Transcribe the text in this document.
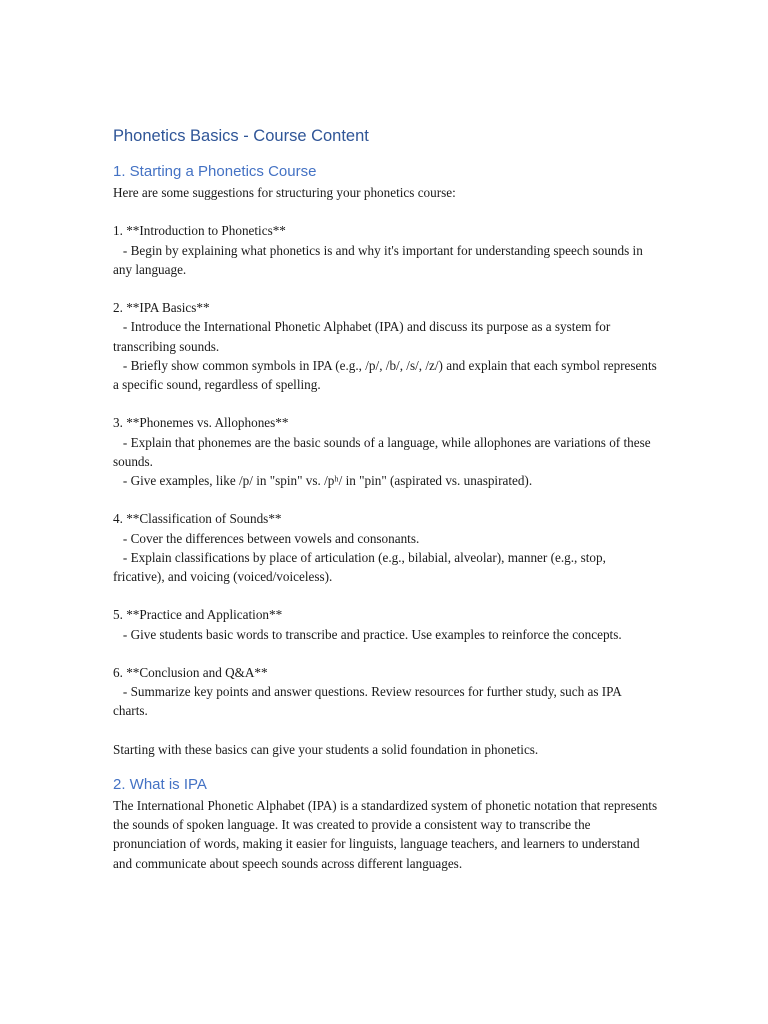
Phonetics Basics - Course Content
1. Starting a Phonetics Course

Here are some suggestions for structuring your phonetics course:

1. **Introduction to Phonetics**

- Begin by explaining what phonetics is and why it's important for understanding speech sounds in any language.

2. **IPA Basics**

- Introduce the International Phonetic Alphabet (IPA) and discuss its purpose as a system for transcribing sounds.

- Briefly show common symbols in IPA (e.g., /p/, /b/, /s/, /z/) and explain that each symbol represents a specific sound, regardless of spelling.

3. **Phonemes vs. Allophones**

- Explain that phonemes are the basic sounds of a language, while allophones are variations of these sounds.

- Give examples, like /p/ in "spin" vs. /pʰ/ in "pin" (aspirated vs. unaspirated).

4. **Classification of Sounds**

- Cover the differences between vowels and consonants.

- Explain classifications by place of articulation (e.g., bilabial, alveolar), manner (e.g., stop, fricative), and voicing (voiced/voiceless).

5. **Practice and Application**

- Give students basic words to transcribe and practice. Use examples to reinforce the concepts.

6. **Conclusion and Q&A**

- Summarize key points and answer questions. Review resources for further study, such as IPA charts.

Starting with these basics can give your students a solid foundation in phonetics.

2. What is IPA

The International Phonetic Alphabet (IPA) is a standardized system of phonetic notation that represents the sounds of spoken language. It was created to provide a consistent way to transcribe the pronunciation of words, making it easier for linguists, language teachers, and learners to understand and communicate about speech sounds across different languages.
